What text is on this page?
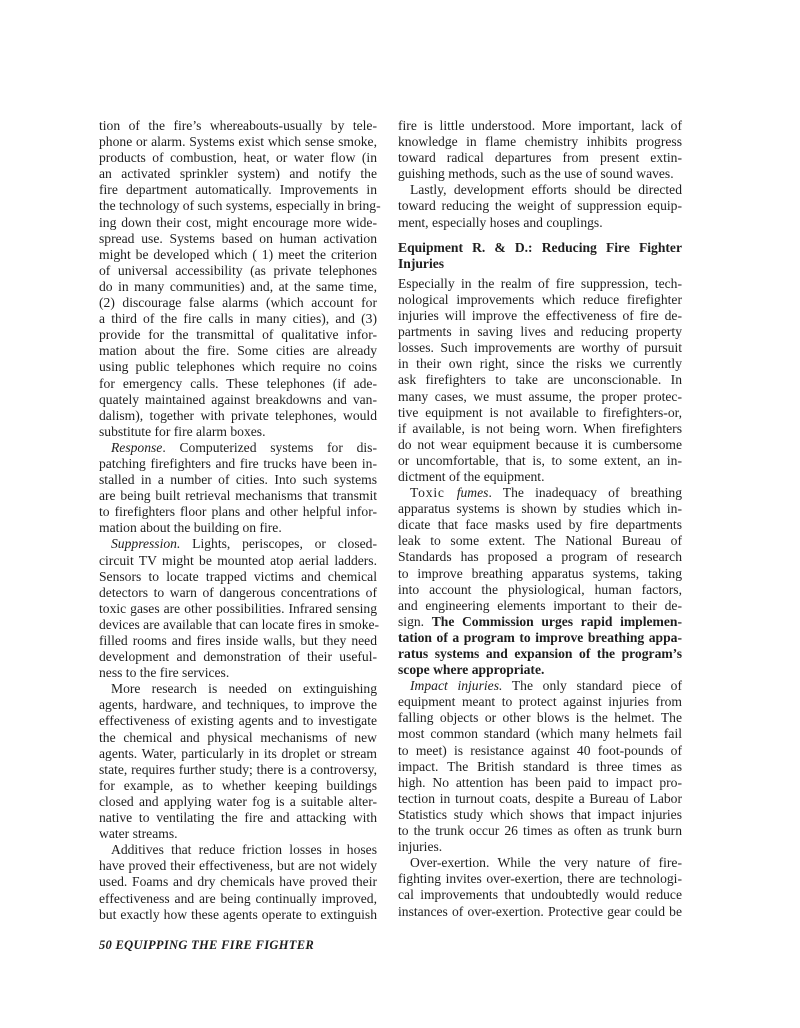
tion of the fire’s whereabouts-usually by tele-
phone or alarm. Systems exist which sense smoke,
products of combustion, heat, or water flow (in
an activated sprinkler system) and notify the
fire department automatically. Improvements in
the technology of such systems, especially in bring-
ing down their cost, might encourage more wide-
spread use. Systems based on human activation
might be developed which ( 1) meet the criterion
of universal accessibility (as private telephones
do in many communities) and, at the same time,
(2) discourage false alarms (which account for
a third of the fire calls in many cities), and (3)
provide for the transmittal of qualitative infor-
mation about the fire. Some cities are already
using public telephones which require no coins
for emergency calls. These telephones (if ade-
quately maintained against breakdowns and van-
dalism), together with private telephones, would
substitute for fire alarm boxes.
Response. Computerized systems for dis-
patching firefighters and fire trucks have been in-
stalled in a number of cities. Into such systems
are being built retrieval mechanisms that transmit
to firefighters floor plans and other helpful infor-
mation about the building on fire.
Suppression. Lights, periscopes, or closed-
circuit TV might be mounted atop aerial ladders.
Sensors to locate trapped victims and chemical
detectors to warn of dangerous concentrations of
toxic gases are other possibilities. Infrared sensing
devices are available that can locate fires in smoke-
filled rooms and fires inside walls, but they need
development and demonstration of their useful-
ness to the fire services.
More research is needed on extinguishing
agents, hardware, and techniques, to improve the
effectiveness of existing agents and to investigate
the chemical and physical mechanisms of new
agents. Water, particularly in its droplet or stream
state, requires further study; there is a controversy,
for example, as to whether keeping buildings
closed and applying water fog is a suitable alter-
native to ventilating the fire and attacking with
water streams.
Additives that reduce friction losses in hoses
have proved their effectiveness, but are not widely
used. Foams and dry chemicals have proved their
effectiveness and are being continually improved,
but exactly how these agents operate to extinguish
fire is little understood. More important, lack of
knowledge in flame chemistry inhibits progress
toward radical departures from present extin-
guishing methods, such as the use of sound waves.
Lastly, development efforts should be directed
toward reducing the weight of suppression equip-
ment, especially hoses and couplings.
Equipment R. & D.: Reducing Fire Fighter
Injuries
Especially in the realm of fire suppression, tech-
nological improvements which reduce firefighter
injuries will improve the effectiveness of fire de-
partments in saving lives and reducing property
losses. Such improvements are worthy of pursuit
in their own right, since the risks we currently
ask firefighters to take are unconscionable. In
many cases, we must assume, the proper protec-
tive equipment is not available to firefighters-or,
if available, is not being worn. When firefighters
do not wear equipment because it is cumbersome
or uncomfortable, that is, to some extent, an in-
dictment of the equipment.
Toxic fumes. The inadequacy of breathing
apparatus systems is shown by studies which in-
dicate that face masks used by fire departments
leak to some extent. The National Bureau of
Standards has proposed a program of research
to improve breathing apparatus systems, taking
into account the physiological, human factors,
and engineering elements important to their de-
sign. The Commission urges rapid implemen-
tation of a program to improve breathing appa-
ratus systems and expansion of the program’s
scope where appropriate.
Impact injuries. The only standard piece of
equipment meant to protect against injuries from
falling objects or other blows is the helmet. The
most common standard (which many helmets fail
to meet) is resistance against 40 foot-pounds of
impact. The British standard is three times as
high. No attention has been paid to impact pro-
tection in turnout coats, despite a Bureau of Labor
Statistics study which shows that impact injuries
to the trunk occur 26 times as often as trunk burn
injuries.
Over-exertion. While the very nature of fire-
fighting invites over-exertion, there are technologi-
cal improvements that undoubtedly would reduce
instances of over-exertion. Protective gear could be
50 EQUIPPING THE FIRE FIGHTER
